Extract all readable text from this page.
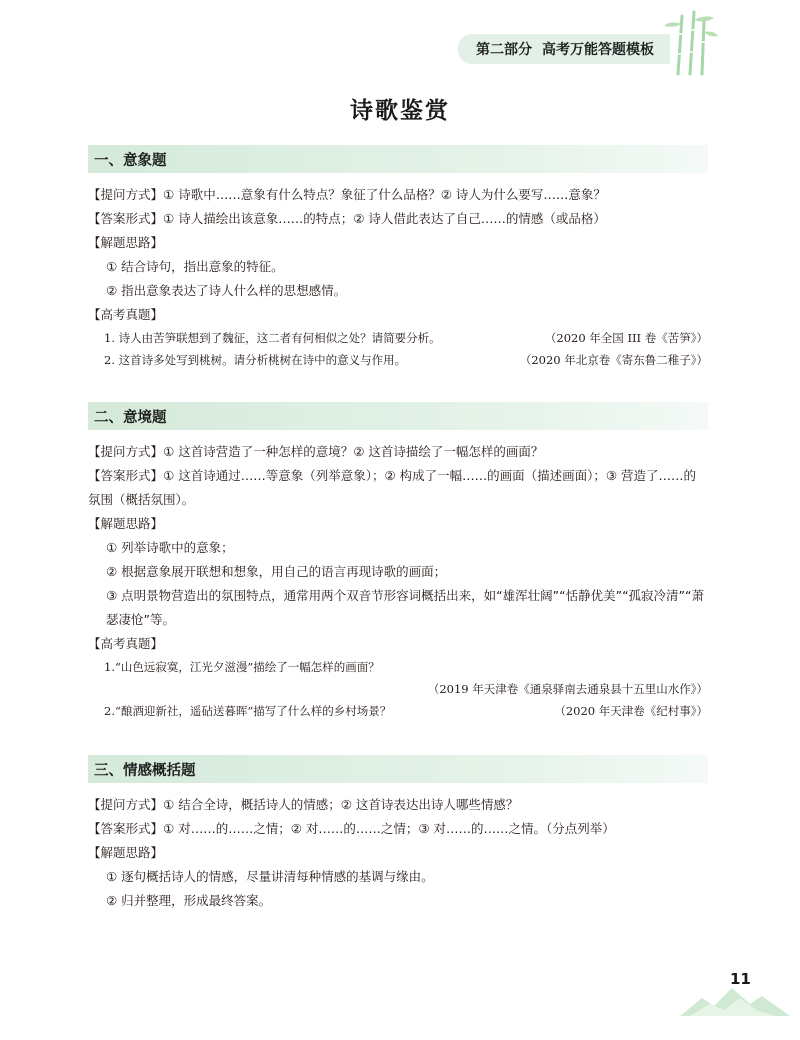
第二部分 高考万能答题模板
诗歌鉴赏
一、意象题
【提问方式】① 诗歌中……意象有什么特点？象征了什么品格？② 诗人为什么要写……意象？
【答案形式】① 诗人描绘出该意象……的特点；② 诗人借此表达了自己……的情感（或品格）
【解题思路】
① 结合诗句，指出意象的特征。
② 指出意象表达了诗人什么样的思想感情。
【高考真题】
1. 诗人由苦笋联想到了魏征，这二者有何相似之处？请简要分析。	（2020 年全国 III 卷《苦笋》）
2. 这首诗多处写到桃树。请分析桃树在诗中的意义与作用。	（2020 年北京卷《寄东鲁二稚子》）
二、意境题
【提问方式】① 这首诗营造了一种怎样的意境？② 这首诗描绘了一幅怎样的画面？
【答案形式】① 这首诗通过……等意象（列举意象）；② 构成了一幅……的画面（描述画面）；③ 营造了……的氛围（概括氛围）。
【解题思路】
① 列举诗歌中的意象；
② 根据意象展开联想和想象，用自己的语言再现诗歌的画面；
③ 点明景物营造出的氛围特点，通常用两个双音节形容词概括出来，如“雄浑壮阔”“恬静优美”“孤寂冷清”“萧瑟凄怆”等。
【高考真题】
1.“山色远寂寞，江光夕滋漫”描绘了一幅怎样的画面？
（2019 年天津卷《通泉驿南去通泉县十五里山水作》）
2.“酿酒迎新社，遥砧送暮晖”描写了什么样的乡村场景？	（2020 年天津卷《纪村事》）
三、情感概括题
【提问方式】① 结合全诗，概括诗人的情感；② 这首诗表达出诗人哪些情感？
【答案形式】① 对……的……之情；② 对……的……之情；③ 对……的……之情。（分点列举）
【解题思路】
① 逐句概括诗人的情感，尽量讲清每种情感的基调与缘由。
② 归并整理，形成最终答案。
11
